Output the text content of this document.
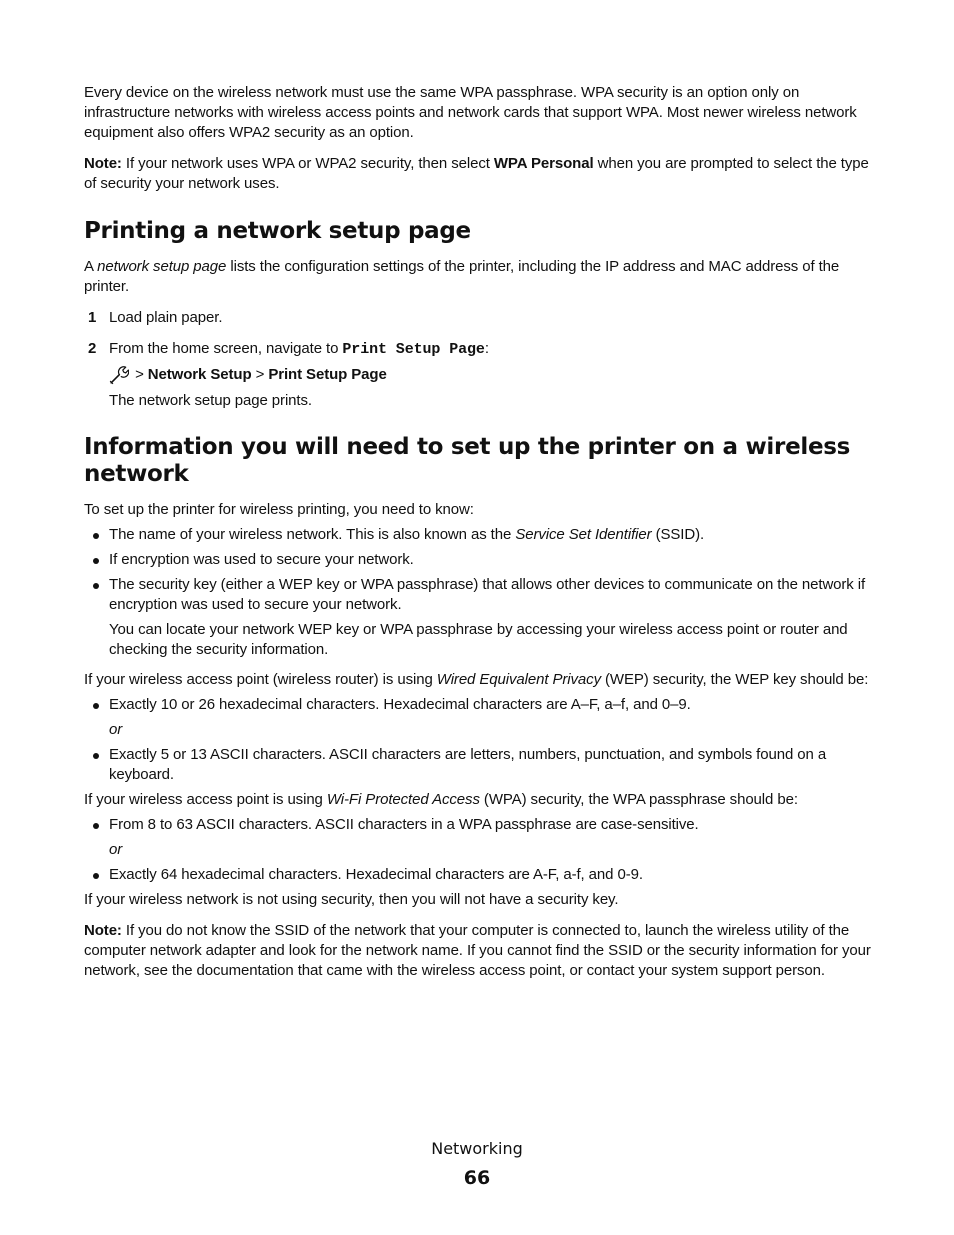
Every device on the wireless network must use the same WPA passphrase. WPA security is an option only on infrastructure networks with wireless access points and network cards that support WPA. Most newer wireless network equipment also offers WPA2 security as an option.

Note: If your network uses WPA or WPA2 security, then select WPA Personal when you are prompted to select the type of security your network uses.

Printing a network setup page

A network setup page lists the configuration settings of the printer, including the IP address and MAC address of the printer.

1 Load plain paper.

2 From the home screen, navigate to Print Setup Page:

> Network Setup > Print Setup Page

The network setup page prints.

Information you will need to set up the printer on a wireless network

To set up the printer for wireless printing, you need to know:

The name of your wireless network. This is also known as the Service Set Identifier (SSID).
If encryption was used to secure your network.
The security key (either a WEP key or WPA passphrase) that allows other devices to communicate on the network if encryption was used to secure your network.

You can locate your network WEP key or WPA passphrase by accessing your wireless access point or router and checking the security information.

If your wireless access point (wireless router) is using Wired Equivalent Privacy (WEP) security, the WEP key should be:

Exactly 10 or 26 hexadecimal characters. Hexadecimal characters are A–F, a–f, and 0–9.

or

Exactly 5 or 13 ASCII characters. ASCII characters are letters, numbers, punctuation, and symbols found on a keyboard.

If your wireless access point is using Wi-Fi Protected Access (WPA) security, the WPA passphrase should be:

From 8 to 63 ASCII characters. ASCII characters in a WPA passphrase are case-sensitive.

or

Exactly 64 hexadecimal characters. Hexadecimal characters are A-F, a-f, and 0-9.

If your wireless network is not using security, then you will not have a security key.

Note: If you do not know the SSID of the network that your computer is connected to, launch the wireless utility of the computer network adapter and look for the network name. If you cannot find the SSID or the security information for your network, see the documentation that came with the wireless access point, or contact your system support person.

Networking
66
